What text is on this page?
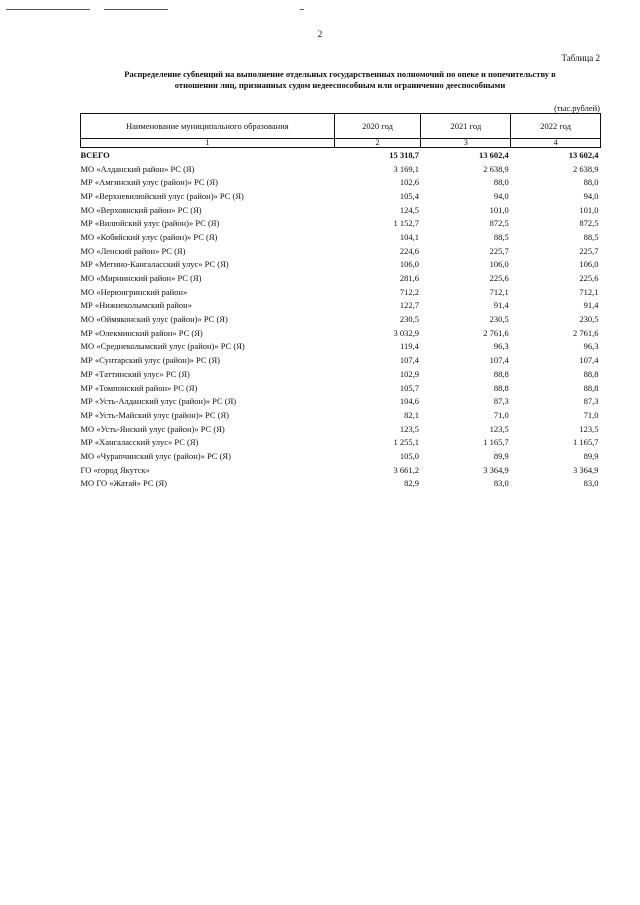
2
Таблица 2
Распределение субвенций на выполнение отдельных государственных полномочий по опеке и попечительству в
отношении лиц, признанных судом недееспособным или ограниченно дееспособными
(тыс.рублей)
Наименование муниципального образования	2020 год	2021 год	2022 год
1	2	3	4
ВСЕГО	15 318,7	13 602,4	13 602,4
МО «Алданский район» РС (Я)	3 169,1	2 638,9	2 638,9
МР «Амгинский улус (район)» РС (Я)	102,6	88,0	88,0
МР «Верхневилюйский улус (район)» РС (Я)	105,4	94,0	94,0
МО «Верхоянский район» РС (Я)	124,5	101,0	101,0
МР «Вилюйский улус (район)» РС (Я)	1 152,7	872,5	872,5
МО «Кобяйский улус (район)» РС (Я)	104,1	88,5	88,5
МО «Ленский район» РС (Я)	224,6	225,7	225,7
МР «Мегино-Кангаласский улус» РС (Я)	106,0	106,0	106,0
МО «Мирнинский район» РС (Я)	281,6	225,6	225,6
МО «Нерюнгринский район»	712,2	712,1	712,1
МР «Нижнеколымский район»	122,7	91,4	91,4
МО «Оймяконский улус (район)» РС (Я)	230,5	230,5	230,5
МР «Олекминский район» РС (Я)	3 032,9	2 761,6	2 761,6
МО «Среднеколымский улус (район)» РС (Я)	119,4	96,3	96,3
МР «Сунтарский улус (район)» РС (Я)	107,4	107,4	107,4
МР «Таттинский улус» РС (Я)	102,9	88,8	88,8
МР «Томпонский район» РС (Я)	105,7	88,8	88,8
МР «Усть-Алданский улус (район)» РС (Я)	104,6	87,3	87,3
МР «Усть-Майский улус (район)» РС (Я)	82,1	71,0	71,0
МО «Усть-Янский улус (район)» РС (Я)	123,5	123,5	123,5
МР «Хангаласский улус» РС (Я)	1 255,1	1 165,7	1 165,7
МО «Чурапчинский улус (район)» РС (Я)	105,0	89,9	89,9
ГО «город Якутск»	3 661,2	3 364,9	3 364,9
МО ГО «Жатай» РС (Я)	82,9	83,0	83,0
